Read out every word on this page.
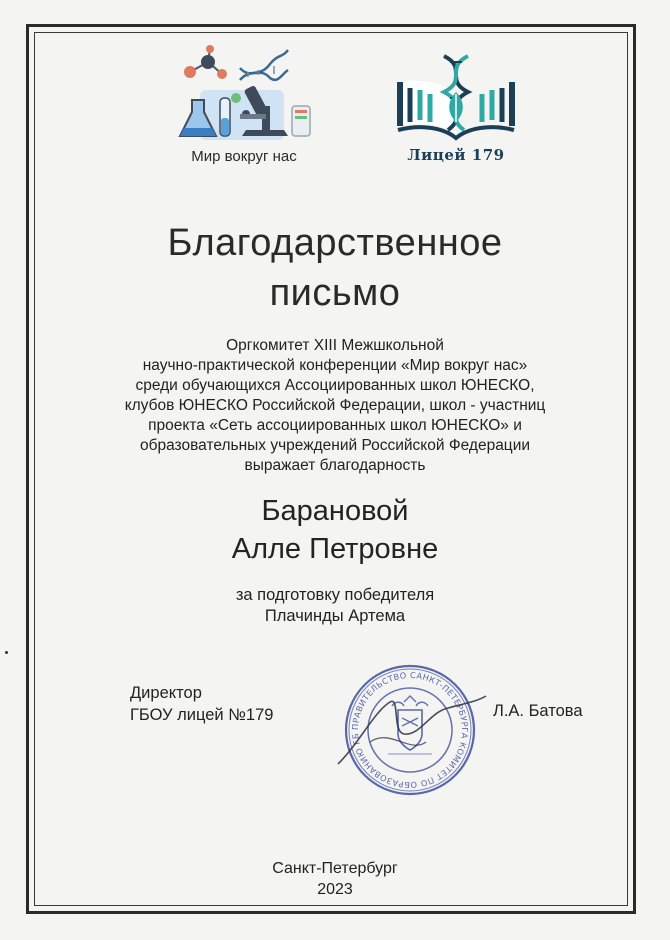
Мир вокруг нас	Лицей 179
Благодарственное
письмо
Оргкомитет XIII Межшкольной
научно-практической конференции «Мир вокруг нас»
среди обучающихся Ассоциированных школ ЮНЕСКО,
клубов ЮНЕСКО Российской Федерации, школ - участниц
проекта «Сеть ассоциированных школ ЮНЕСКО» и
образовательных учреждений Российской Федерации
выражает благодарность
Барановой
Алле Петровне
за подготовку победителя
Плачинды Артема
Директор
ГБОУ лицей №179
ПРАВИТЕЛЬСТВО САНКТ-ПЕТЕРБУРГА КОМИТЕТ ПО ОБРАЗОВАНИЮ ГБ
Л.А. Батова
Санкт-Петербург
2023
